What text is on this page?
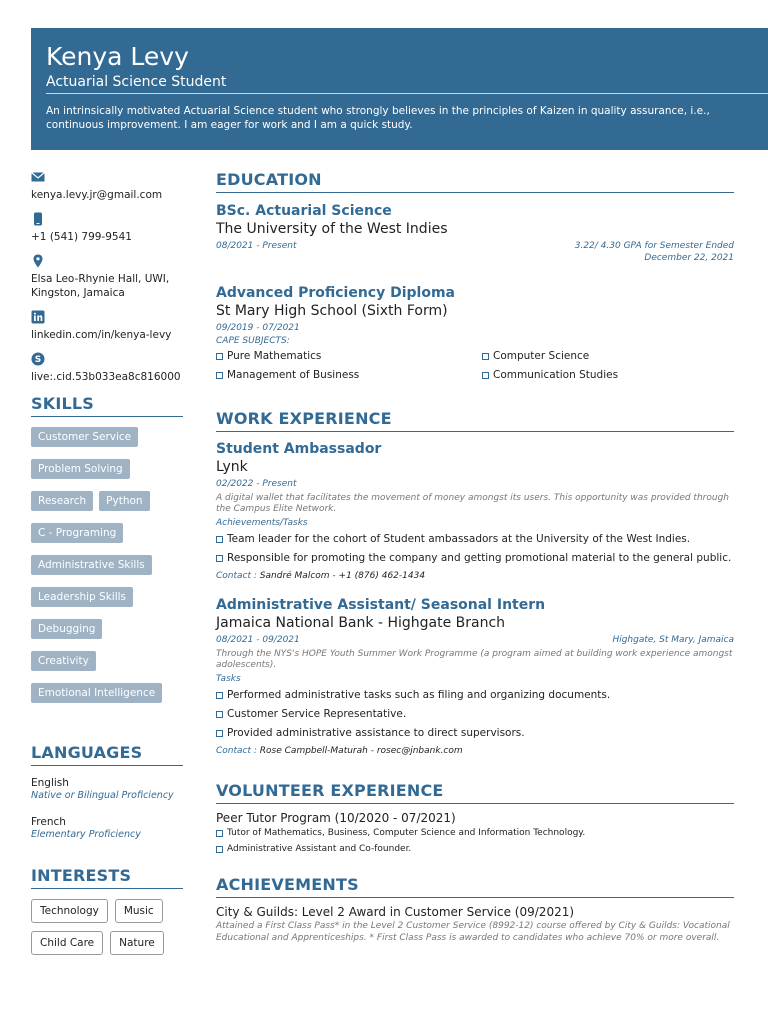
Kenya Levy
Actuarial Science Student
An intrinsically motivated Actuarial Science student who strongly believes in the principles of Kaizen in quality assurance, i.e., continuous improvement. I am eager for work and I am a quick study.
kenya.levy.jr@gmail.com
+1 (541) 799-9541
Elsa Leo-Rhynie Hall, UWI, Kingston, Jamaica
linkedin.com/in/kenya-levy
S
live:.cid.53b033ea8c816000
SKILLS
Customer Service
Problem Solving
Research	Python
C - Programing
Administrative Skills
Leadership Skills
Debugging
Creativity
Emotional Intelligence
LANGUAGES
English
Native or Bilingual Proficiency
French
Elementary Proficiency
INTERESTS
Technology	Music
Child Care	Nature
EDUCATION
BSc. Actuarial Science
The University of the West Indies
08/2021 - Present	3.22/ 4.30 GPA for Semester Ended
December 22, 2021
Advanced Proficiency Diploma
St Mary High School (Sixth Form)
09/2019 - 07/2021
CAPE SUBJECTS:
Pure Mathematics	Computer Science
Management of Business	Communication Studies
WORK EXPERIENCE
Student Ambassador
Lynk
02/2022 - Present
A digital wallet that facilitates the movement of money amongst its users. This opportunity was provided through the Campus Elite Network.
Achievements/Tasks
Team leader for the cohort of Student ambassadors at the University of the West Indies.
Responsible for promoting the company and getting promotional material to the general public.
Contact : Sandré Malcom - +1 (876) 462-1434
Administrative Assistant/ Seasonal Intern
Jamaica National Bank - Highgate Branch
08/2021 - 09/2021	Highgate, St Mary, Jamaica
Through the NYS's HOPE Youth Summer Work Programme (a program aimed at building work experience amongst adolescents).
Tasks
Performed administrative tasks such as filing and organizing documents.
Customer Service Representative.
Provided administrative assistance to direct supervisors.
Contact : Rose Campbell-Maturah - rosec@jnbank.com
VOLUNTEER EXPERIENCE
Peer Tutor Program (10/2020 - 07/2021)
Tutor of Mathematics, Business, Computer Science and Information Technology.
Administrative Assistant and Co-founder.
ACHIEVEMENTS
City & Guilds: Level 2 Award in Customer Service (09/2021)
Attained a First Class Pass* in the Level 2 Customer Service (8992-12) course offered by City & Guilds: Vocational Educational and Apprenticeships. * First Class Pass is awarded to candidates who achieve 70% or more overall.
